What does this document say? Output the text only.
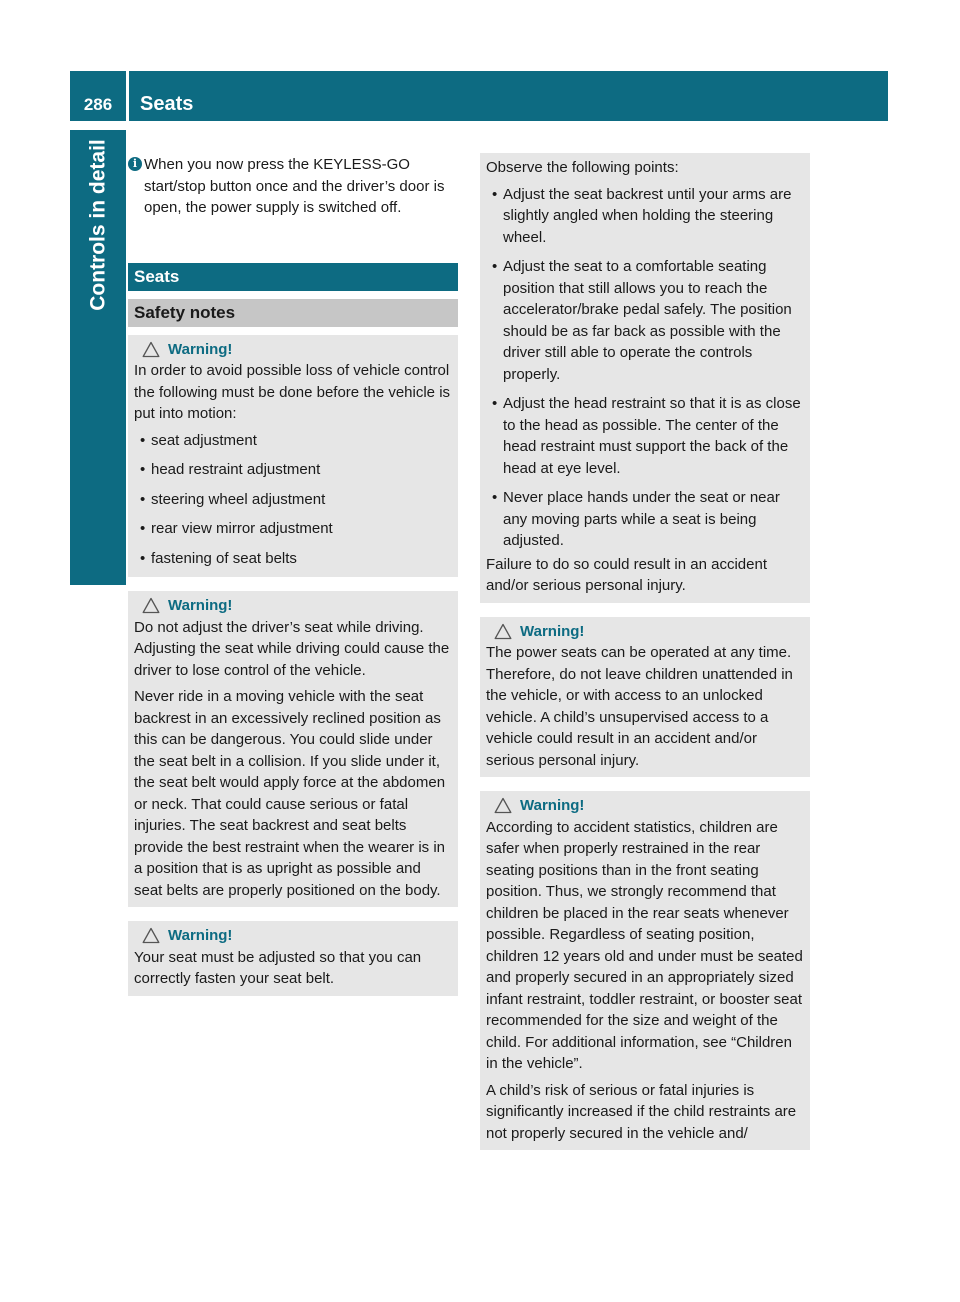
286	Seats
Controls in detail	i When you now press the KEYLESS-GO start/stop button once and the driver’s door is open, the power supply is switched off.
Seats
Safety notes
Warning!

In order to avoid possible loss of vehicle control the following must be done before the vehicle is put into motion:

• seat adjustment
• head restraint adjustment
• steering wheel adjustment
• rear view mirror adjustment
• fastening of seat belts
Warning!

Do not adjust the driver’s seat while driving. Adjusting the seat while driving could cause the driver to lose control of the vehicle.

Never ride in a moving vehicle with the seat backrest in an excessively reclined position as this can be dangerous. You could slide under the seat belt in a collision. If you slide under it, the seat belt would apply force at the abdomen or neck. That could cause serious or fatal injuries. The seat backrest and seat belts provide the best restraint when the wearer is in a position that is as upright as possible and seat belts are properly positioned on the body.

Warning!

Your seat must be adjusted so that you can correctly fasten your seat belt.

Observe the following points:

• Adjust the seat backrest until your arms are slightly angled when holding the steering wheel.
• Adjust the seat to a comfortable seating position that still allows you to reach the accelerator/brake pedal safely. The position should be as far back as possible with the driver still able to operate the controls properly.
• Adjust the head restraint so that it is as close to the head as possible. The center of the head restraint must support the back of the head at eye level.
• Never place hands under the seat or near any moving parts while a seat is being adjusted.

Failure to do so could result in an accident and/or serious personal injury.

Warning!

The power seats can be operated at any time. Therefore, do not leave children unattended in the vehicle, or with access to an unlocked vehicle. A child’s unsupervised access to a vehicle could result in an accident and/or serious personal injury.

Warning!

According to accident statistics, children are safer when properly restrained in the rear seating positions than in the front seating position. Thus, we strongly recommend that children be placed in the rear seats whenever possible. Regardless of seating position, children 12 years old and under must be seated and properly secured in an appropriately sized infant restraint, toddler restraint, or booster seat recommended for the size and weight of the child. For additional information, see “Children in the vehicle”.

A child’s risk of serious or fatal injuries is significantly increased if the child restraints are not properly secured in the vehicle and/
